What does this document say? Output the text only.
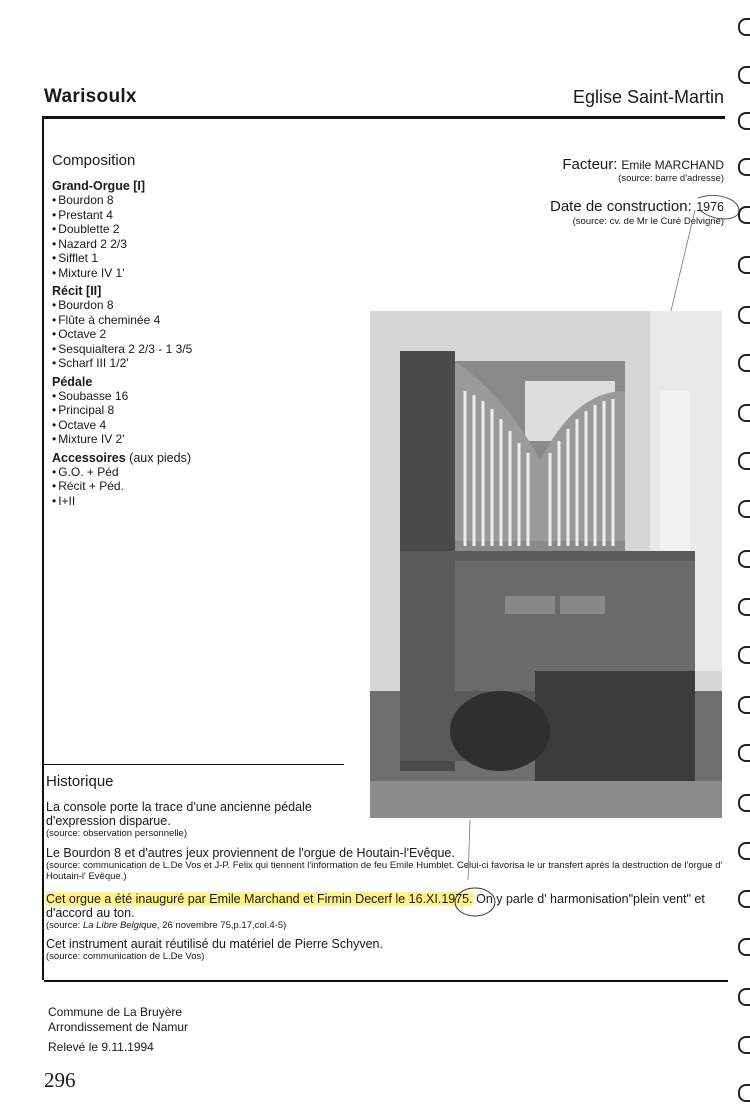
Warisoulx	Eglise Saint-Martin
Composition
Grand-Orgue [I]
• Bourdon 8
• Prestant 4
• Doublette 2
• Nazard 2 2/3
• Sifflet 1
• Mixture IV 1'
Récit [II]
• Bourdon 8
• Flûte à cheminée 4
• Octave 2
• Sesquialtera 2 2/3 - 1 3/5
• Scharf III 1/2'
Pédale
• Soubasse 16
• Principal 8
• Octave 4
• Mixture IV 2'
Accessoires (aux pieds)
• G.O. + Péd
• Récit + Péd.
• I+II
Facteur: Emile MARCHAND
(source: barre d'adresse)
Date de construction: 1976
(source: cv. de Mr le Curé Delvigne)
Historique
La console porte la trace d'une ancienne pédale d'expression disparue.
(source: observation personnelle)
Le Bourdon 8 et d'autres jeux proviennent de l'orgue de Houtain-l'Evêque.
(source: communication de L.De Vos et J-P. Felix qui tiennent l'information de feu Emile Humblet. Celui-ci favorisa le ur transfert après la destruction de l'orgue d' Houtain-l' Evêque.)
Cet orgue a été inauguré par Emile Marchand et Firmin Decerf le 16.XI.1975. On y parle d' harmonisation"plein vent" et d'accord au ton.
(source: La Libre Belgique, 26 novembre 75,p.17,col.4-5)
Cet instrument aurait réutilisé du matériel de Pierre Schyven.
(source: communication de L.De Vos)
Commune de La Bruyère
Arrondissement de Namur
Relevé le 9.11.1994
296
